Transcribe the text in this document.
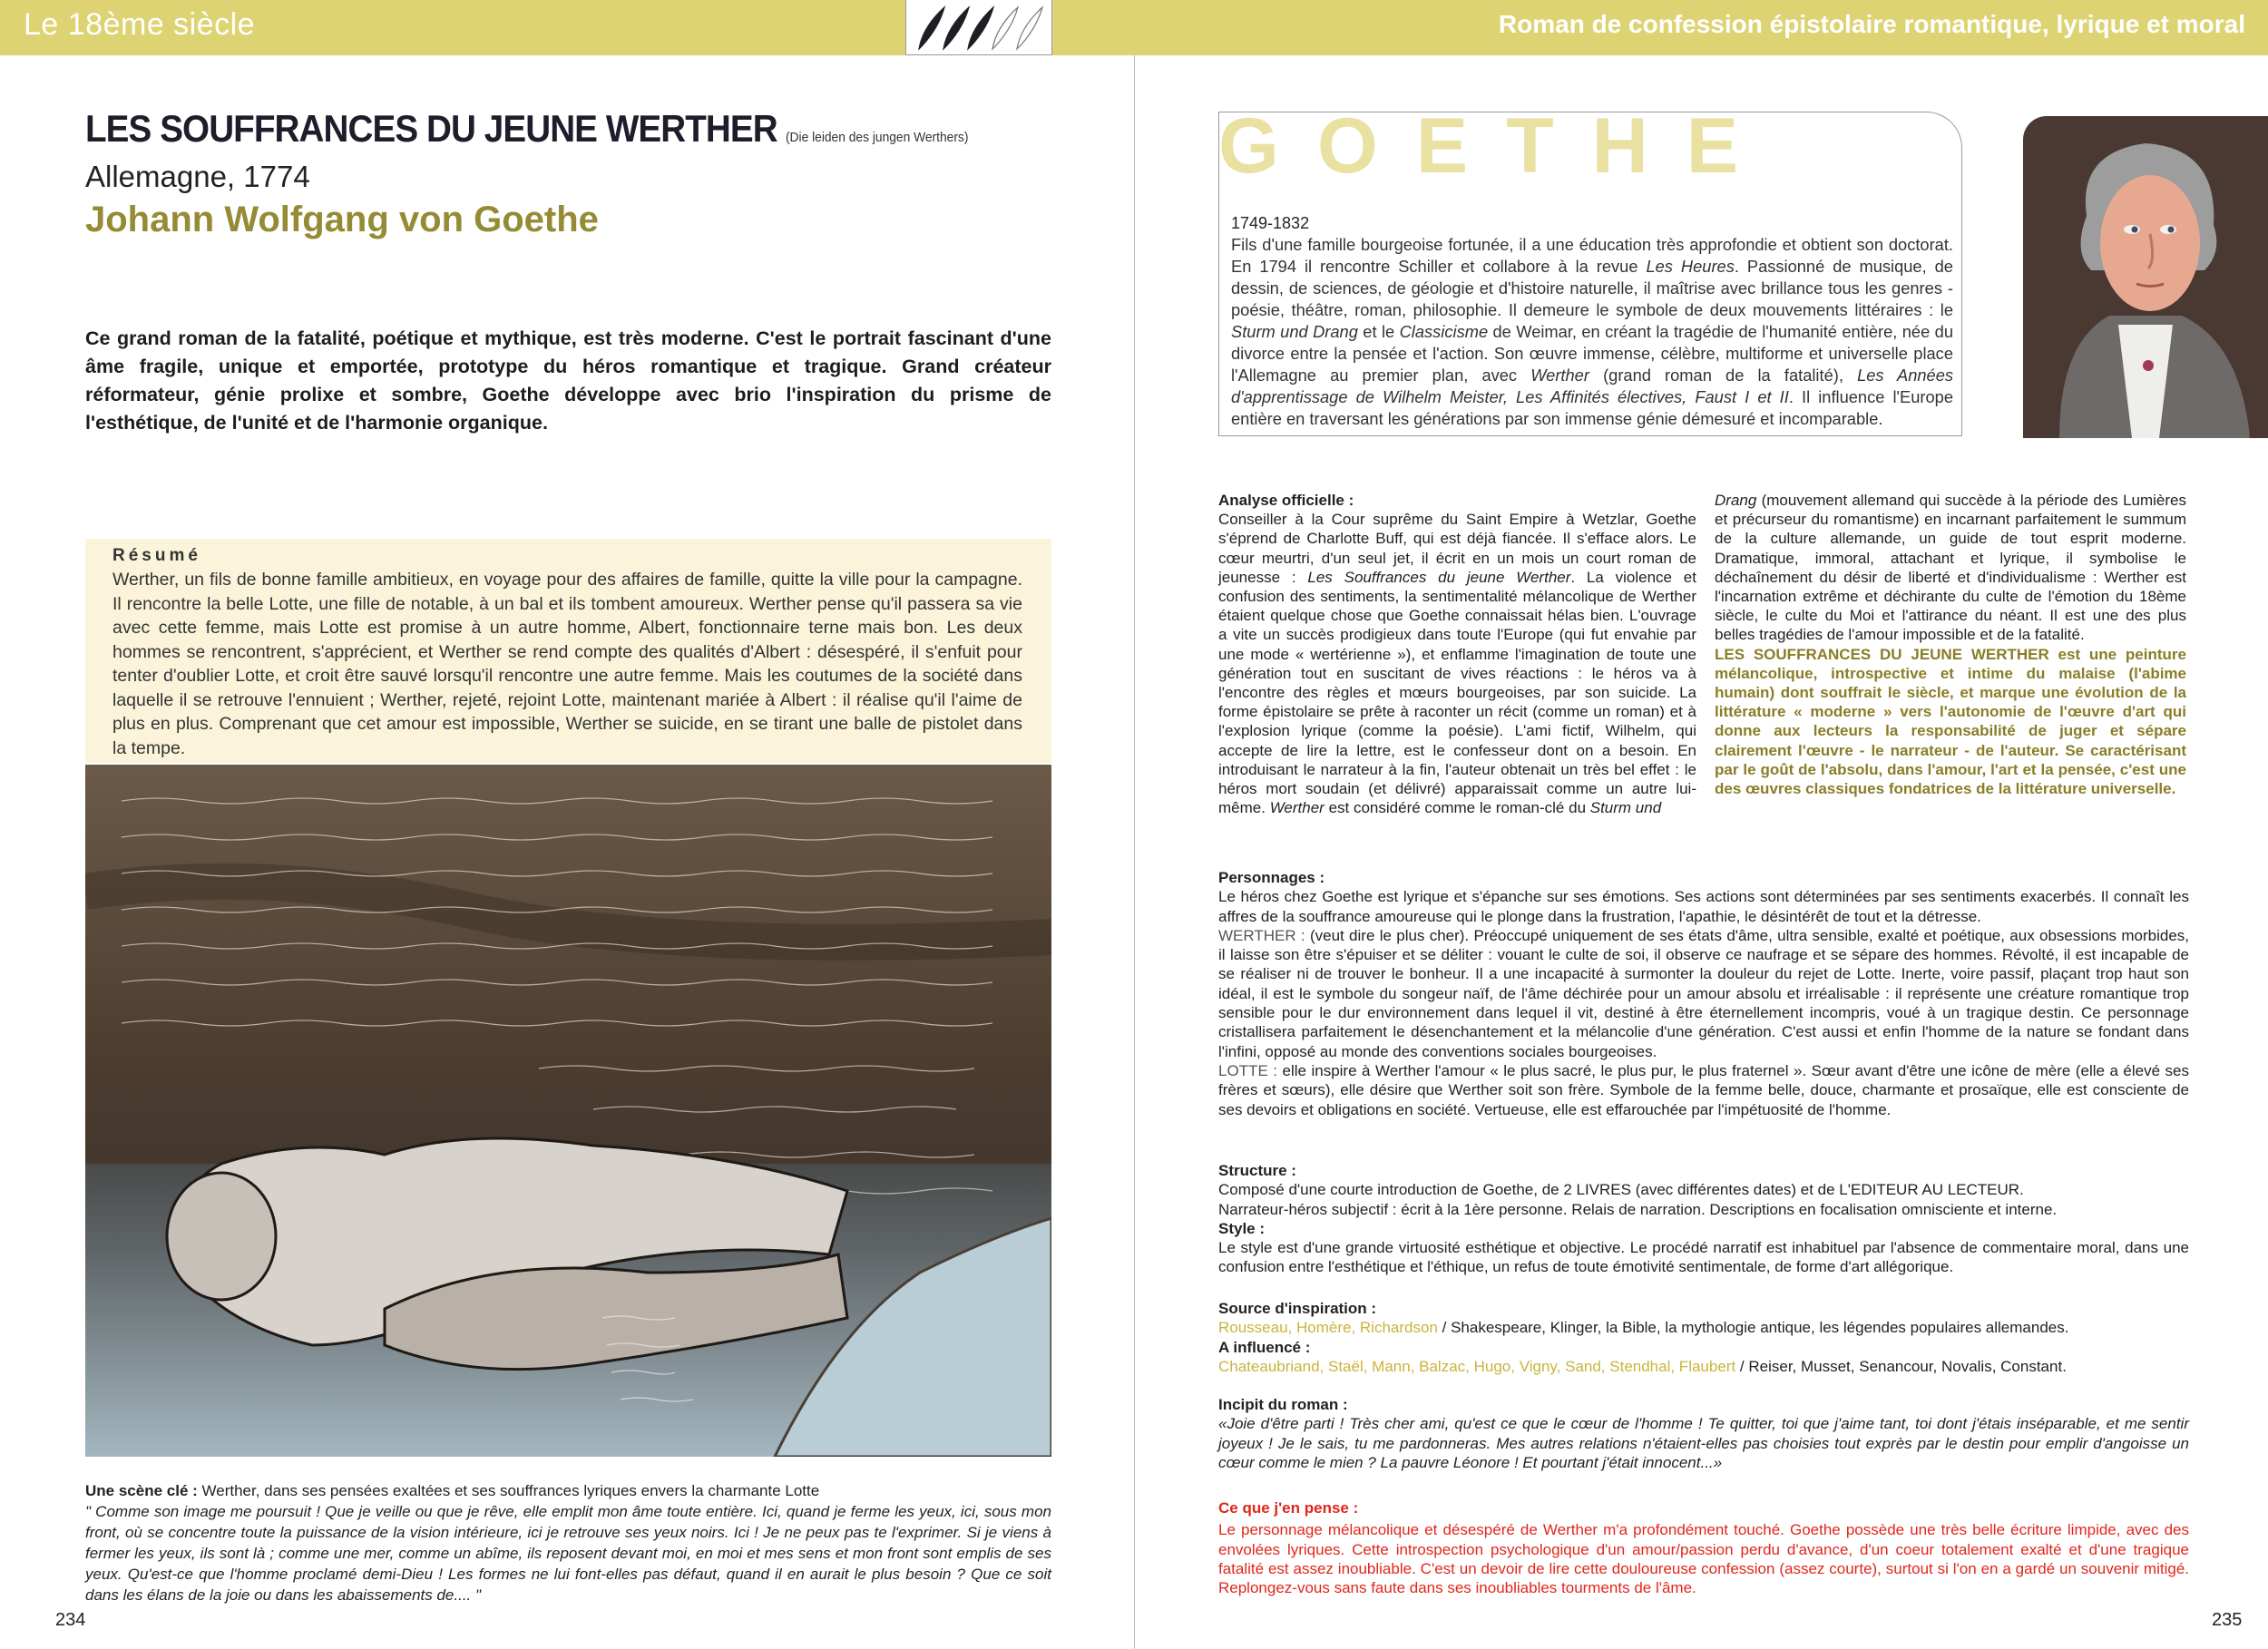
Le 18ème siècle	Roman de confession épistolaire romantique, lyrique et moral
LES SOUFFRANCES DU JEUNE WERTHER (Die leiden des jungen Werthers)
Allemagne, 1774
Johann Wolfgang von Goethe
Ce grand roman de la fatalité, poétique et mythique, est très moderne. C'est le portrait fascinant d'une âme fragile, unique et emportée, prototype du héros romantique et tragique. Grand créateur réformateur, génie prolixe et sombre, Goethe développe avec brio l'inspiration du prisme de l'esthétique, de l'unité et de l'harmonie organique.
Résumé

Werther, un fils de bonne famille ambitieux, en voyage pour des affaires de famille, quitte la ville pour la campagne. Il rencontre la belle Lotte, une fille de notable, à un bal et ils tombent amoureux. Werther pense qu'il passera sa vie avec cette femme, mais Lotte est promise à un autre homme, Albert, fonctionnaire terne mais bon. Les deux hommes se rencontrent, s'apprécient, et Werther se rend compte des qualités d'Albert : désespéré, il s'enfuit pour tenter d'oublier Lotte, et croit être sauvé lorsqu'il rencontre une autre femme. Mais les coutumes de la société dans laquelle il se retrouve l'ennuient ; Werther, rejeté, rejoint Lotte, maintenant mariée à Albert : il réalise qu'il l'aime de plus en plus. Comprenant que cet amour est impossible, Werther se suicide, en se tirant une balle de pistolet dans la tempe.

Une scène clé : Werther, dans ses pensées exaltées et ses souffrances lyriques envers la charmante Lotte
" Comme son image me poursuit ! Que je veille ou que je rêve, elle emplit mon âme toute entière. Ici, quand je ferme les yeux, ici, sous mon front, où se concentre toute la puissance de la vision intérieure, ici je retrouve ses yeux noirs. Ici ! Je ne peux pas te l'exprimer. Si je viens à fermer les yeux, ils sont là ; comme une mer, comme un abîme, ils reposent devant moi, en moi et mes sens et mon front sont emplis de ses yeux. Qu'est-ce que l'homme proclamé demi-Dieu ! Les formes ne lui font-elles pas défaut, quand il en aurait le plus besoin ? Que ce soit dans les élans de la joie ou dans les abaissements de.... "
234
GOETHE
1749-1832
Fils d'une famille bourgeoise fortunée, il a une éducation très approfondie et obtient son doctorat. En 1794 il rencontre Schiller et collabore à la revue Les Heures. Passionné de musique, de dessin, de sciences, de géologie et d'histoire naturelle, il maîtrise avec brillance tous les genres - poésie, théâtre, roman, philosophie. Il demeure le symbole de deux mouvements littéraires : le Sturm und Drang et le Classicisme de Weimar, en créant la tragédie de l'humanité entière, née du divorce entre la pensée et l'action. Son œuvre immense, célèbre, multiforme et universelle place l'Allemagne au premier plan, avec Werther (grand roman de la fatalité), Les Années d'apprentissage de Wilhelm Meister, Les Affinités électives, Faust I et II. Il influence l'Europe entière en traversant les générations par son immense génie démesuré et incomparable.
Analyse officielle :
Conseiller à la Cour suprême du Saint Empire à Wetzlar, Goethe s'éprend de Charlotte Buff, qui est déjà fiancée. Il s'efface alors. Le cœur meurtri, d'un seul jet, il écrit en un mois un court roman de jeunesse : Les Souffrances du jeune Werther. La violence et confusion des sentiments, la sentimentalité mélancolique de Werther étaient quelque chose que Goethe connaissait hélas bien. L'ouvrage a vite un succès prodigieux dans toute l'Europe (qui fut envahie par une mode « wertérienne »), et enflamme l'imagination de toute une génération tout en suscitant de vives réactions : le héros va à l'encontre des règles et mœurs bourgeoises, par son suicide. La forme épistolaire se prête à raconter un récit (comme un roman) et à l'explosion lyrique (comme la poésie). L'ami fictif, Wilhelm, qui accepte de lire la lettre, est le confesseur dont on a besoin. En introduisant le narrateur à la fin, l'auteur obtenait un très bel effet : le héros mort soudain (et délivré) apparaissait comme un autre lui-même. Werther est considéré comme le roman-clé du Sturm und
Drang (mouvement allemand qui succède à la période des Lumières et précurseur du romantisme) en incarnant parfaitement le summum de la culture allemande, un guide de tout esprit moderne. Dramatique, immoral, attachant et lyrique, il symbolise le déchaînement du désir de liberté et d'individualisme : Werther est l'incarnation extrême et déchirante du culte de l'émotion du 18ème siècle, le culte du Moi et l'attirance du néant. Il est une des plus belles tragédies de l'amour impossible et de la fatalité.
LES SOUFFRANCES DU JEUNE WERTHER est une peinture mélancolique, introspective et intime du malaise (l'abime humain) dont souffrait le siècle, et marque une évolution de la littérature « moderne » vers l'autonomie de l'œuvre d'art qui donne aux lecteurs la responsabilité de juger et sépare clairement l'œuvre - le narrateur - de l'auteur. Se caractérisant par le goût de l'absolu, dans l'amour, l'art et la pensée, c'est une des œuvres classiques fondatrices de la littérature universelle.
Personnages :
Le héros chez Goethe est lyrique et s'épanche sur ses émotions. Ses actions sont déterminées par ses sentiments exacerbés. Il connaît les affres de la souffrance amoureuse qui le plonge dans la frustration, l'apathie, le désintérêt de tout et la détresse.
WERTHER : (veut dire le plus cher). Préoccupé uniquement de ses états d'âme, ultra sensible, exalté et poétique, aux obsessions morbides, il laisse son être s'épuiser et se déliter : vouant le culte de soi, il observe ce naufrage et se sépare des hommes. Révolté, il est incapable de se réaliser ni de trouver le bonheur. Il a une incapacité à surmonter la douleur du rejet de Lotte. Inerte, voire passif, plaçant trop haut son idéal, il est le symbole du songeur naïf, de l'âme déchirée pour un amour absolu et irréalisable : il représente une créature romantique trop sensible pour le dur environnement dans lequel il vit, destiné à être éternellement incompris, voué à un tragique destin. Ce personnage cristallisera parfaitement le désenchantement et la mélancolie d'une génération. C'est aussi et enfin l'homme de la nature se fondant dans l'infini, opposé au monde des conventions sociales bourgeoises.
LOTTE : elle inspire à Werther l'amour « le plus sacré, le plus pur, le plus fraternel ». Sœur avant d'être une icône de mère (elle a élevé ses frères et sœurs), elle désire que Werther soit son frère. Symbole de la femme belle, douce, charmante et prosaïque, elle est consciente de ses devoirs et obligations en société. Vertueuse, elle est effarouchée par l'impétuosité de l'homme.
Structure :
Composé d'une courte introduction de Goethe, de 2 LIVRES (avec différentes dates) et de L'EDITEUR AU LECTEUR.
Narrateur-héros subjectif : écrit à la 1ère personne. Relais de narration. Descriptions en focalisation omnisciente et interne.
Style :
Le style est d'une grande virtuosité esthétique et objective. Le procédé narratif est inhabituel par l'absence de commentaire moral, dans une confusion entre l'esthétique et l'éthique, un refus de toute émotivité sentimentale, de forme d'art allégorique.
Source d'inspiration :
Rousseau, Homère, Richardson / Shakespeare, Klinger, la Bible, la mythologie antique, les légendes populaires allemandes.
A influencé :
Chateaubriand, Staël, Mann, Balzac, Hugo, Vigny, Sand, Stendhal, Flaubert / Reiser, Musset, Senancour, Novalis, Constant.
Incipit du roman :
«Joie d'être parti ! Très cher ami, qu'est ce que le cœur de l'homme ! Te quitter, toi que j'aime tant, toi dont j'étais inséparable, et me sentir joyeux ! Je le sais, tu me pardonneras. Mes autres relations n'étaient-elles pas choisies tout exprès par le destin pour emplir d'angoisse un cœur comme le mien ? La pauvre Léonore ! Et pourtant j'était innocent...»
Ce que j'en pense :
Le personnage mélancolique et désespéré de Werther m'a profondément touché. Goethe possède une très belle écriture limpide, avec des envolées lyriques. Cette introspection psychologique d'un amour/passion perdu d'avance, d'un coeur totalement exalté et d'une tragique fatalité est assez inoubliable. C'est un devoir de lire cette douloureuse confession (assez courte), surtout si l'on en a gardé un souvenir mitigé. Replongez-vous sans faute dans ses inoubliables tourments de l'âme.
235
